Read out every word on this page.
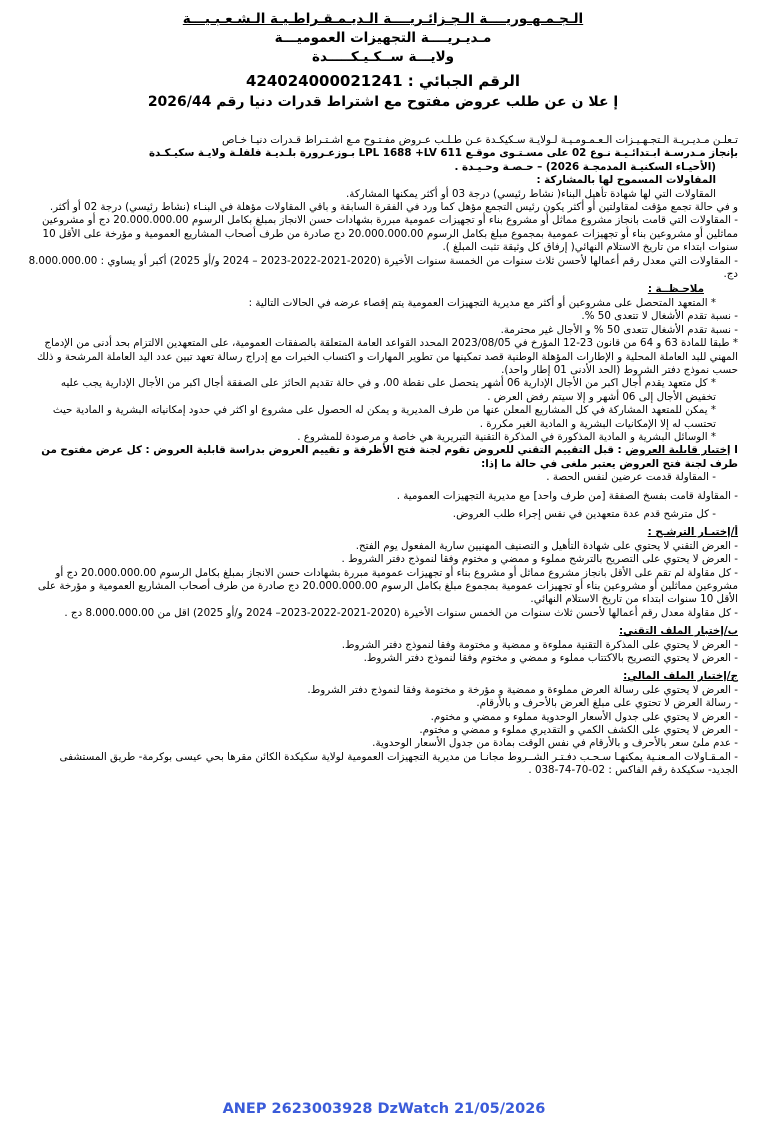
الـجـمـهـوريــــة الـجـزائـريــــة الـديـمـقـراطـيـة الـشـعـبـيـــة
مـديـريــــة التجهيزات العموميـــة
ولايـــة ســكـيـكـــــدة
الرقم الجبائي : 424024000021241
إ علا ن عن طلب عروض مفتوح مع اشتراط قدرات دنيا رقم 2026/44

تـعلـن مـديـريـة الـتجـهـيـزات الـعـمـومـيـة لـولايـة سـكيكـدة عـن طـلـب عـروض مفـتـوح مـع اشـتـراط قـدرات دنيـا خـاص

بإنجاز مـدرسـة ابـتدائـيـة نـوع 02 على مسـتـوى موقـع LPL 1688 +LV 611 بـوزعـرورة بلـديـة فلفلـة ولايـة سكيـكـدة

(الأحيـاء السكنيـة المدمجـة 2026) – حـصـة وحـيـدة .

المقاولات المسموح لها بالمشاركة :

المقاولات التي لها شهادة تأهيل البناء( نشاط رئيسي) درجة 03 أو أكثر يمكنها المشاركة.

و في حالة تجمع مؤقت لمقاولتين أو أكثر يكون رئيس التجمع مؤهل كما ورد في الفقرة السابقة و باقي المقاولات مؤهلة في البنـاء (نشاط رئيسي) درجة 02 أو أكثر.

- المقاولات التي قامت بانجاز مشروع مماثل أو مشروع بناء أو تجهيزات عمومية مبررة بشهادات حسن الانجاز بمبلغ بكامل الرسوم 20.000.000.00 دج أو مشروعين مماثلين أو مشروعين بناء أو تجهيزات عمومية بمجموع مبلغ بكامل الرسوم 20.000.000.00 دج صادرة من طرف أصحاب المشاريع العمومية و مؤرخة على الأقل 10 سنوات ابتداء من تاريخ الاستلام النهائي( إرفاق كل وثيقة تثبت المبلغ ).

- المقاولات التي معدل رقم أعمالها لأحسن ثلاث سنوات من الخمسة سنوات الأخيرة (2020-2021-2022-2023 – 2024 و/أو 2025) أكبر أو يساوي : 8.000.000.00 دج.

ملاحـظــة :

* المتعهد المتحصل على مشروعين أو أكثر مع مديرية التجهيزات العمومية يتم إقصاء عرضه في الحالات التالية :

- نسبة تقدم الأشغال لا تتعدى 50 %.

- نسبة تقدم الأشغال تتعدى 50 % و الأجال غير محترمة.

* طبقا للمادة 63 و 64 من قانون 23-12 المؤرخ في 2023/08/05 المحدد القواعد العامة المتعلقة بالصفقات العمومية، على المتعهدين الالتزام بحد أدنى من الإدماج المهني للبد العاملة المحلية و الإطارات المؤهلة الوطنية قصد تمكينها من تطوير المهارات و اكتساب الخبرات مع إدراج رسالة تعهد تبين عدد اليد العاملة المرشحة و ذلك حسب نموذج دفتر الشروط (الحد الأدنى 01 إطار واحد).

* كل متعهد يقدم أجال اكبر من الأجال الإدارية 06 أشهر يتحصل على نقطة 00، و في حالة تقديم الحائز على الصفقة أجال اكبر من الأجال الإدارية يجب عليه تخفيض الأجال إلى 06 أشهر و إلا سيتم رفض العرض .

* يمكن للمتعهد المشاركة في كل المشاريع المعلن عنها من طرف المديرية و يمكن له الحصول على مشروع او اكثر في حدود إمكانياته البشرية و المادية حيث تحتسب له إلا الإمكانيات البشرية و المادية الغير مكررة .

* الوسائل البشرية و المادية المذكورة في المذكرة التقنية التبريرية هي خاصة و مرصودة للمشروع .

I إختبار قابلية العروض : قبل التقييم التقني للعروض تقوم لجنة فتح الأظرفة و تقييم العروض بدراسة قابلية العروض : كل عرض مفتوح من طرف لجنة فتح العروض يعتبر ملغى في حالة ما إذا:

- المقاولة قدمت عرضين لنفس الحصة .

- المقاولة قامت بفسخ الصفقة [من طرف واحد] مع مديرية التجهيزات العمومية .

- كل مترشح قدم عدة متعهدين في نفس إجراء طلب العروض.

أ/إختبـار الترشـح :

- العرض التقني لا يحتوي على شهادة التأهيل و التصنيف المهنيين سارية المفعول يوم الفتح.

- العرض لا يحتوي على التصريح بالترشح مملوء و ممضي و مختوم وفقا لنموذج دفتر الشروط .

- كل مقاولة لم تقم على الأقل بانجاز مشروع مماثل أو مشروع بناء أو تجهيزات عمومية مبررة بشهادات حسن الانجاز بمبلغ بكامل الرسوم 20.000.000.00 دج أو مشروعين مماثلين أو مشروعين بناء أو تجهيزات عمومية بمجموع مبلغ بكامل الرسوم 20.000.000.00 دج صادرة من طرف أصحاب المشاريع العمومية و مؤرخة على الأقل 10 سنوات ابتداء من تاريخ الاستلام النهائي.

- كل مقاولة معدل رقم أعمالها لأحسن ثلاث سنوات من الخمس سنوات الأخيرة (2020-2021-2022-2023– 2024 و/أو 2025) اقل من 8.000.000.00 دج .

ب/إختبار الملف التقني:

- العرض لا يحتوي على المذكرة التقنية مملوءة و ممضية و مختومة وفقا لنموذج دفتر الشروط.

- العرض لا يحتوي التصريح بالاكتتاب مملوء و ممضي و مختوم وفقا لنموذج دفتر الشروط.

ج/إختبار الملف المالي:

- العرض لا يحتوي على رسالة العرض مملوءة و ممضية و مؤرخة و مختومة وفقا لنموذج دفتر الشروط.

- رسالة العرض لا تحتوي على مبلغ العرض بالأحرف و بالأرقام.

- العرض لا يحتوي على جدول الأسعار الوحدوية مملوء و ممضي و مختوم.

- العرض لا يحتوي على الكشف الكمي و التقديري مملوء و ممضي و مختوم.

- عدم ملئ سعر بالأحرف و بالأرقام في نفس الوقت بمادة من جدول الأسعار الوحدوية.

- المـقـاولات المـعنـية يمكنهـا سـحـب دفـتـر الشــروط مجانـا من مديرية التجهيزات العمومية لولاية سكيكدة الكائن مقرها بحي عيسى بوكرمة- طريق المستشفى الجديد- سكيكدة رقم الفاكس : 02-70-74-038 .

ANEP 2623003928 DzWatch 21/05/2026
